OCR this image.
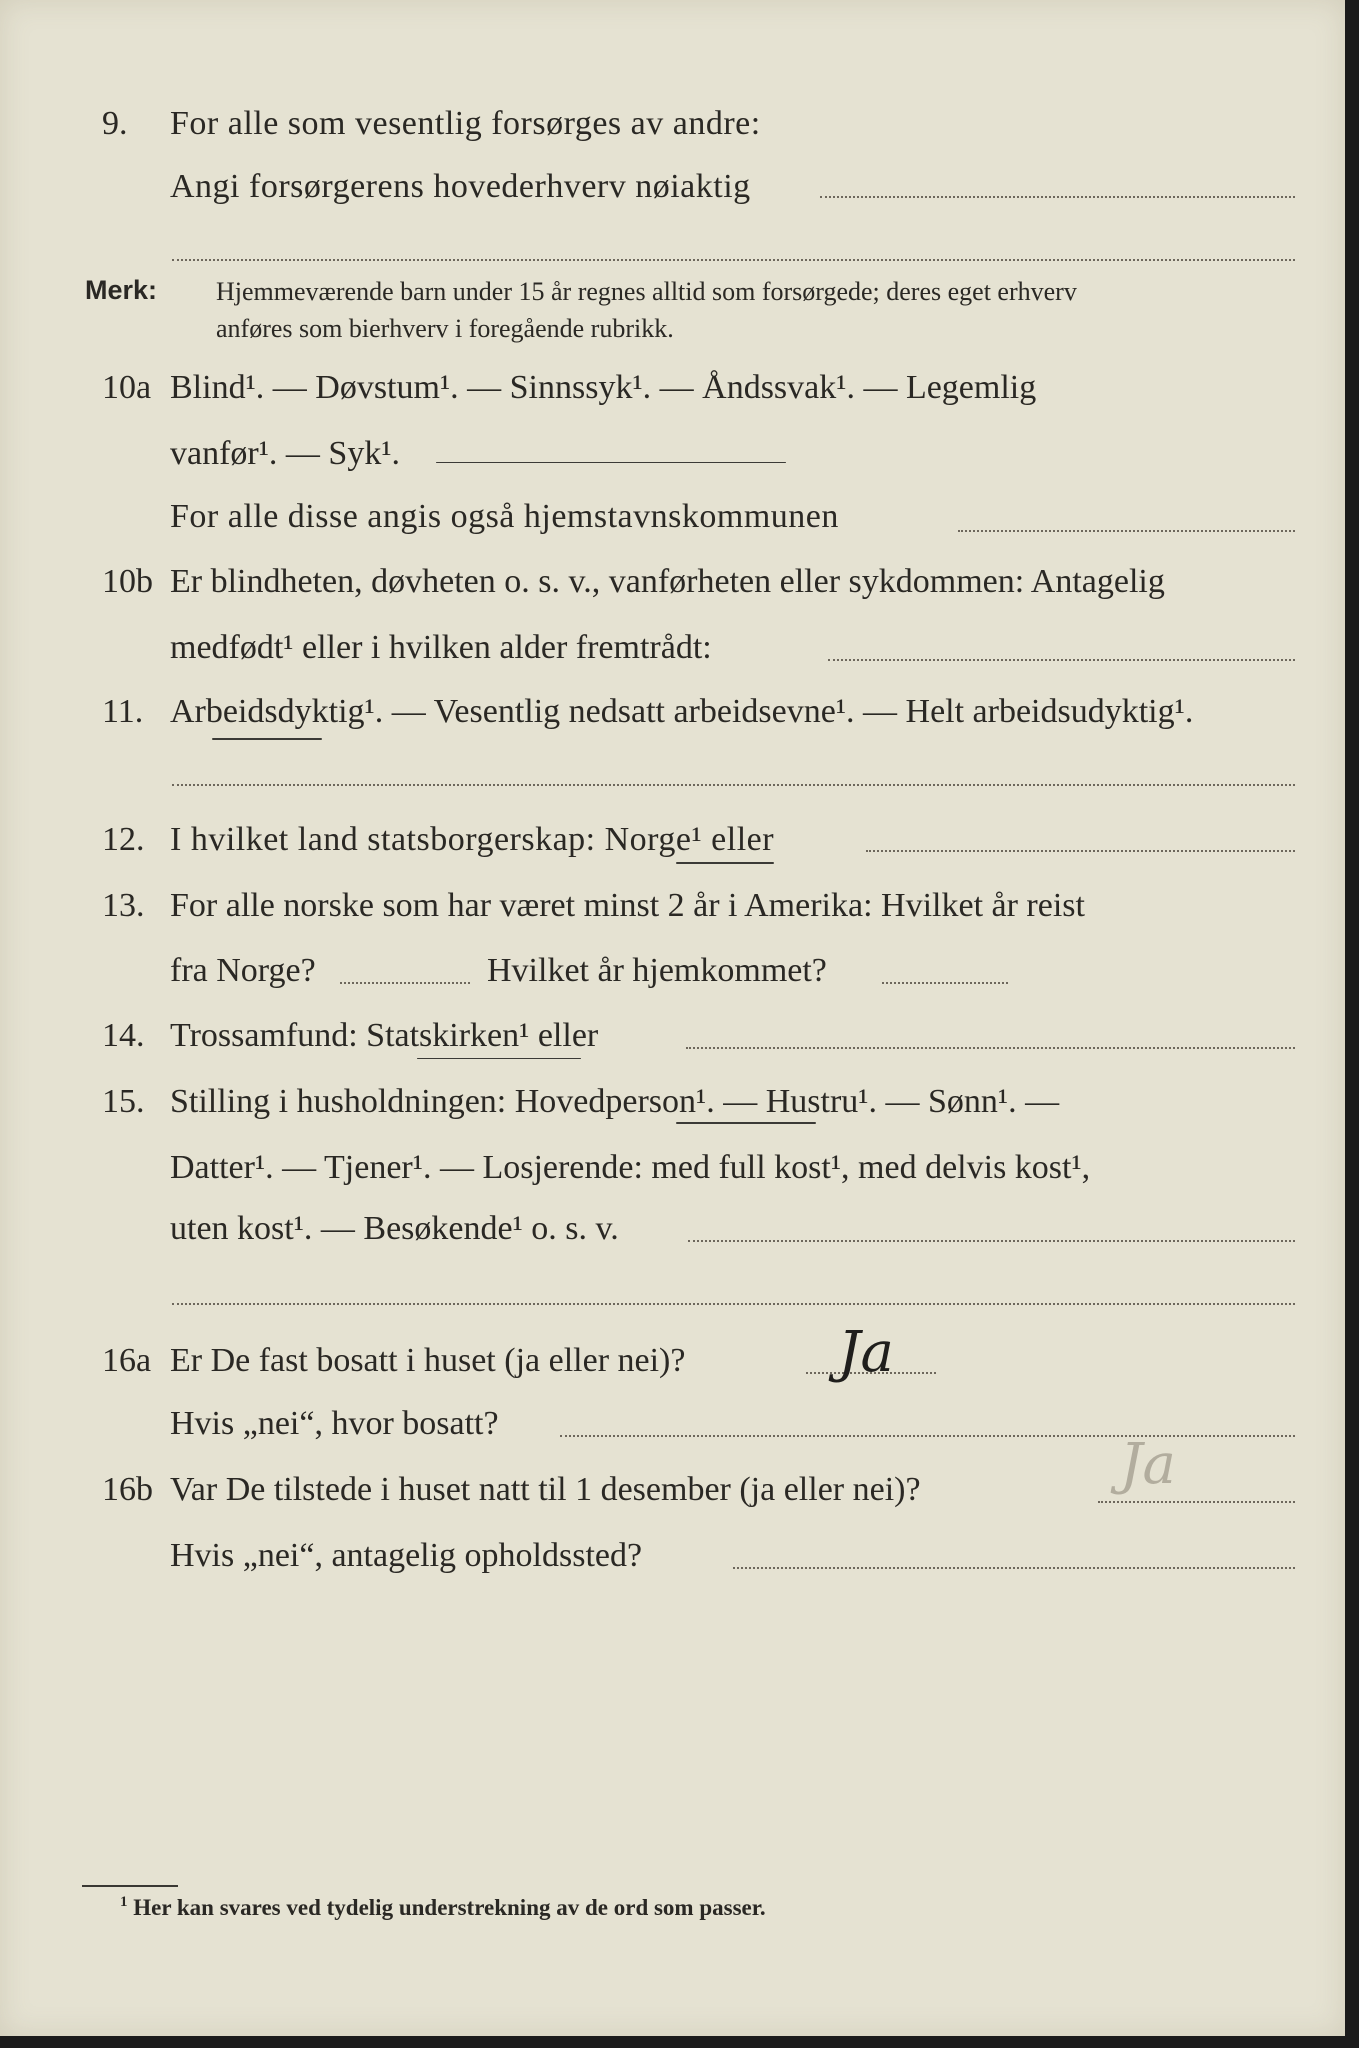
9. For alle som vesentlig forsørges av andre:
Angi forsørgerens hovederhverv nøiaktig
Merk: Hjemmeværende barn under 15 år regnes alltid som forsørgede; deres eget erhverv
anføres som bierhverv i foregående rubrikk.
10a Blind¹. — Døvstum¹. — Sinnssyk¹. — Åndssvak¹. — Legemlig
vanfør¹. — Syk¹.
For alle disse angis også hjemstavnskommunen
10b Er blindheten, døvheten o. s. v., vanførheten eller sykdommen: Antagelig
medfødt¹ eller i hvilken alder fremtrådt:
11. Arbeidsdyktig¹. — Vesentlig nedsatt arbeidsevne¹. — Helt arbeidsudyktig¹.
12. I hvilket land statsborgerskap: Norge¹ eller
13. For alle norske som har været minst 2 år i Amerika: Hvilket år reist
fra Norge?	Hvilket år hjemkommet?
14. Trossamfund: Statskirken¹ eller
15. Stilling i husholdningen: Hovedperson¹. — Hustru¹. — Sønn¹. —
Datter¹. — Tjener¹. — Losjerende: med full kost¹, med delvis kost¹,
uten kost¹. — Besøkende¹ o. s. v.
16a Er De fast bosatt i huset (ja eller nei)?	Ja
Hvis „nei“, hvor bosatt?
16b Var De tilstede i huset natt til 1 desember (ja eller nei)?	Ja
Hvis „nei“, antagelig opholdssted?
$^1$ Her kan svares ved tydelig understrekning av de ord som passer.
